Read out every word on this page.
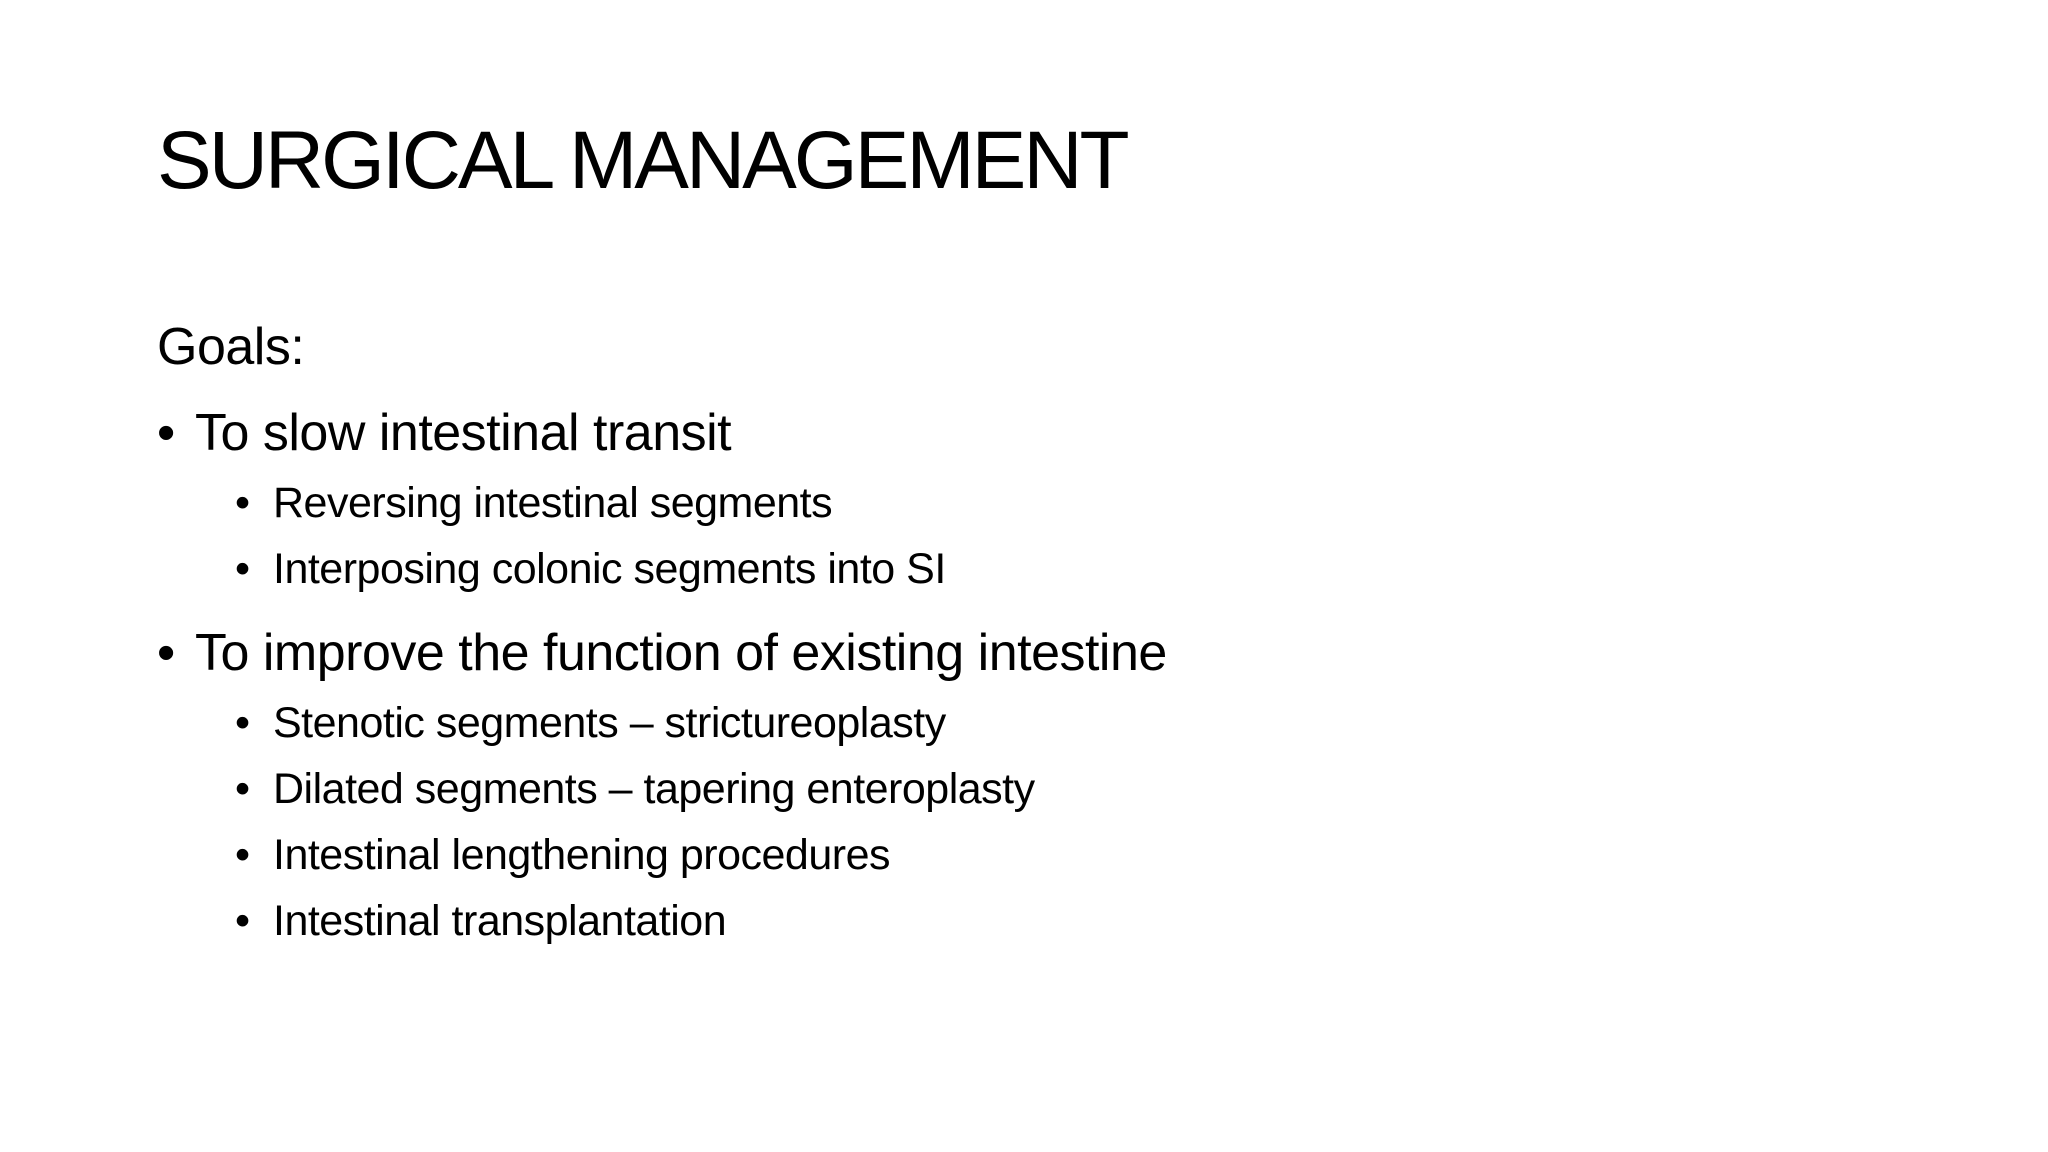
SURGICAL MANAGEMENT
Goals:
• To slow intestinal transit
• Reversing intestinal segments
• Interposing colonic segments into SI
• To improve the function of existing intestine
• Stenotic segments – strictureoplasty
• Dilated segments – tapering enteroplasty
• Intestinal lengthening procedures
• Intestinal transplantation
